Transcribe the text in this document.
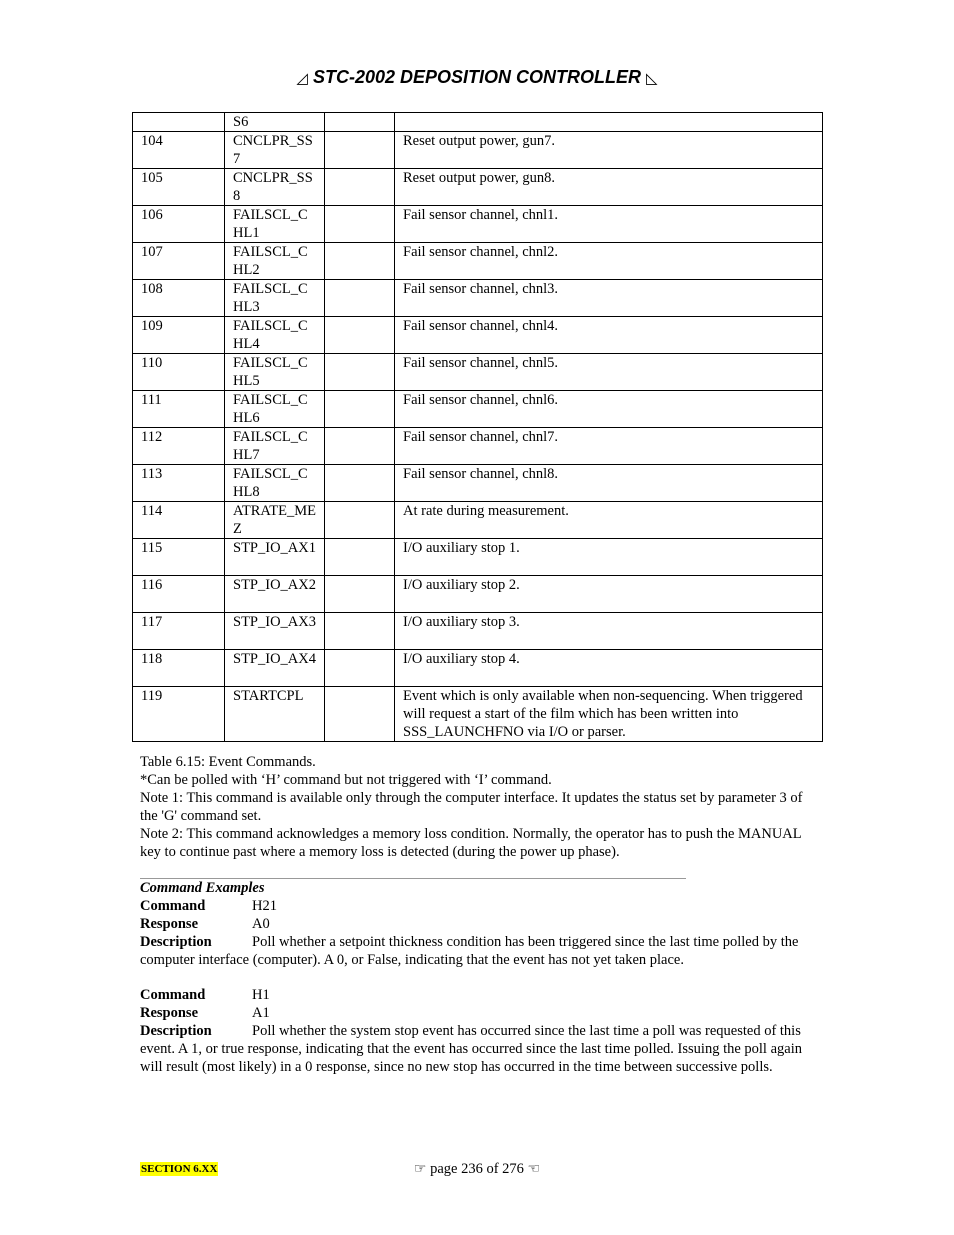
◿ STC-2002 DEPOSITION CONTROLLER ◺
	S6		
104	CNCLPR_SS7		Reset output power, gun7.
105	CNCLPR_SS8		Reset output power, gun8.
106	FAILSCL_CHL1		Fail sensor channel, chnl1.
107	FAILSCL_CHL2		Fail sensor channel, chnl2.
108	FAILSCL_CHL3		Fail sensor channel, chnl3.
109	FAILSCL_CHL4		Fail sensor channel, chnl4.
110	FAILSCL_CHL5		Fail sensor channel, chnl5.
111	FAILSCL_CHL6		Fail sensor channel, chnl6.
112	FAILSCL_CHL7		Fail sensor channel, chnl7.
113	FAILSCL_CHL8		Fail sensor channel, chnl8.
114	ATRATE_MEZ		At rate during measurement.
115	STP_IO_AX1		I/O auxiliary stop 1.
116	STP_IO_AX2		I/O auxiliary stop 2.
117	STP_IO_AX3		I/O auxiliary stop 3.
118	STP_IO_AX4		I/O auxiliary stop 4.
119	STARTCPL		Event which is only available when non-sequencing. When triggered will request a start of the film which has been written into SSS_LAUNCHFNO via I/O or parser.

Table 6.15: Event Commands.

*Can be polled with ‘H’ command but not triggered with ‘I’ command.

Note 1: This command is available only through the computer interface. It updates the status set by parameter 3 of the 'G' command set.

Note 2: This command acknowledges a memory loss condition. Normally, the operator has to push the MANUAL key to continue past where a memory loss is detected (during the power up phase).

Command Examples
Command	H21
Response	A0
Description	Poll whether a setpoint thickness condition has been triggered since the last time polled by the computer interface (computer). A 0, or False, indicating that the event has not yet taken place.
Command	H1
Response	A1
Description	Poll whether the system stop event has occurred since the last time a poll was requested of this event. A 1, or true response, indicating that the event has occurred since the last time polled. Issuing the poll again will result (most likely) in a 0 response, since no new stop has occurred in the time between successive polls.
SECTION 6.XX	☞ page 236 of 276 ☜
